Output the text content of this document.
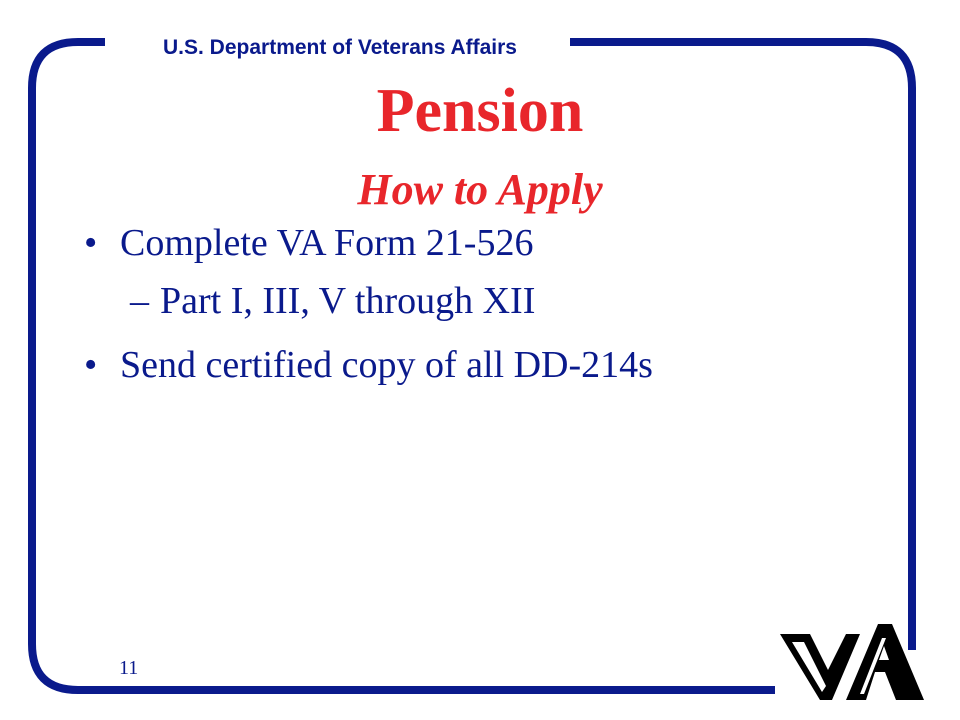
U.S. Department of Veterans Affairs
Pension
How to Apply
• Complete VA Form 21-526
– Part I, III, V through XII
• Send certified copy of all DD-214s
11
